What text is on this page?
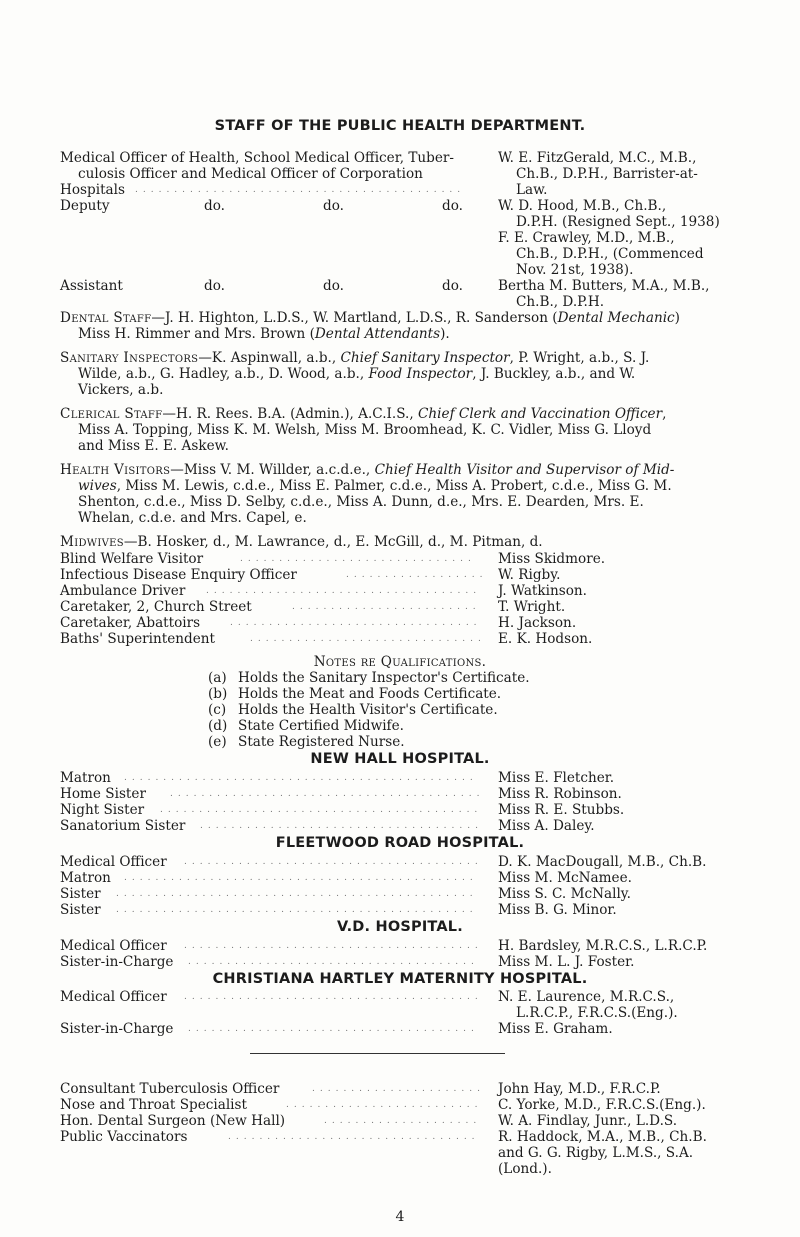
STAFF OF THE PUBLIC HEALTH DEPARTMENT.
Medical Officer of Health, School Medical Officer, Tuber-	W. E. FitzGerald, M.C., M.B.,
culosis Officer and Medical Officer of Corporation	Ch.B., D.P.H., Barrister-at-
Hospitals ..........................................	Law.
Deputy	do.	do.	do.	W. D. Hood, M.B., Ch.B.,
D.P.H. (Resigned Sept., 1938)
F. E. Crawley, M.D., M.B.,
Ch.B., D.P.H., (Commenced
Nov. 21st, 1938).
Assistant	do.	do.	do.	Bertha M. Butters, M.A., M.B.,
Ch.B., D.P.H.
Dental Staff—J. H. Highton, L.D.S., W. Martland, L.D.S., R. Sanderson (Dental Mechanic)
Miss H. Rimmer and Mrs. Brown (Dental Attendants).
Sanitary Inspectors—K. Aspinwall, a.b., Chief Sanitary Inspector, P. Wright, a.b., S. J.
Wilde, a.b., G. Hadley, a.b., D. Wood, a.b., Food Inspector, J. Buckley, a.b., and W.
Vickers, a.b.
Clerical Staff—H. R. Rees. B.A. (Admin.), A.C.I.S., Chief Clerk and Vaccination Officer,
Miss A. Topping, Miss K. M. Welsh, Miss M. Broomhead, K. C. Vidler, Miss G. Lloyd
and Miss E. E. Askew.
Health Visitors—Miss V. M. Willder, a.c.d.e., Chief Health Visitor and Supervisor of Mid-
wives, Miss M. Lewis, c.d.e., Miss E. Palmer, c.d.e., Miss A. Probert, c.d.e., Miss G. M.
Shenton, c.d.e., Miss D. Selby, c.d.e., Miss A. Dunn, d.e., Mrs. E. Dearden, Mrs. E.
Whelan, c.d.e. and Mrs. Capel, e.
Midwives—B. Hosker, d., M. Lawrance, d., E. McGill, d., M. Pitman, d.
Blind Welfare Visitor	..............................	Miss Skidmore.
Infectious Disease Enquiry Officer	.................. W. Rigby.
Ambulance Driver ...................................	J. Watkinson.
Caretaker, 2, Church Street	........................	T. Wright.
Caretaker, Abattoirs	................................	H. Jackson.
Baths' Superintendent	.............................. E. K. Hodson.
Notes re Qualifications.
(a) Holds the Sanitary Inspector's Certificate.
(b) Holds the Meat and Foods Certificate.
(c) Holds the Health Visitor's Certificate.
(d) State Certified Midwife.
(e) State Registered Nurse.
NEW HALL HOSPITAL.
Matron .............................................	Miss E. Fletcher.
Home Sister	........................................ Miss R. Robinson.
Night Sister .........................................	Miss R. E. Stubbs.
Sanatorium Sister ....................................	Miss A. Daley.
FLEETWOOD ROAD HOSPITAL.
Medical Officer ......................................	D. K. MacDougall, M.B., Ch.B.
Matron .............................................	Miss M. McNamee.
Sister ..............................................	Miss S. C. McNally.
Sister ..............................................	Miss B. G. Minor.
V.D. HOSPITAL.
Medical Officer ......................................	H. Bardsley, M.R.C.S., L.R.C.P.
Sister-in-Charge .....................................	Miss M. L. J. Foster.
CHRISTIANA HARTLEY MATERNITY HOSPITAL.
Medical Officer ......................................	N. E. Laurence, M.R.C.S.,
L.R.C.P., F.R.C.S.(Eng.).
Sister-in-Charge .....................................	Miss E. Graham.
Consultant Tuberculosis Officer	...................... John Hay, M.D., F.R.C.P.
Nose and Throat Specialist	.........................	C. Yorke, M.D., F.R.C.S.(Eng.).
Hon. Dental Surgeon (New Hall)	....................	W. A. Findlay, Junr., L.D.S.
Public Vaccinators	................................	R. Haddock, M.A., M.B., Ch.B.
and G. G. Rigby, L.M.S., S.A.
(Lond.).
4
